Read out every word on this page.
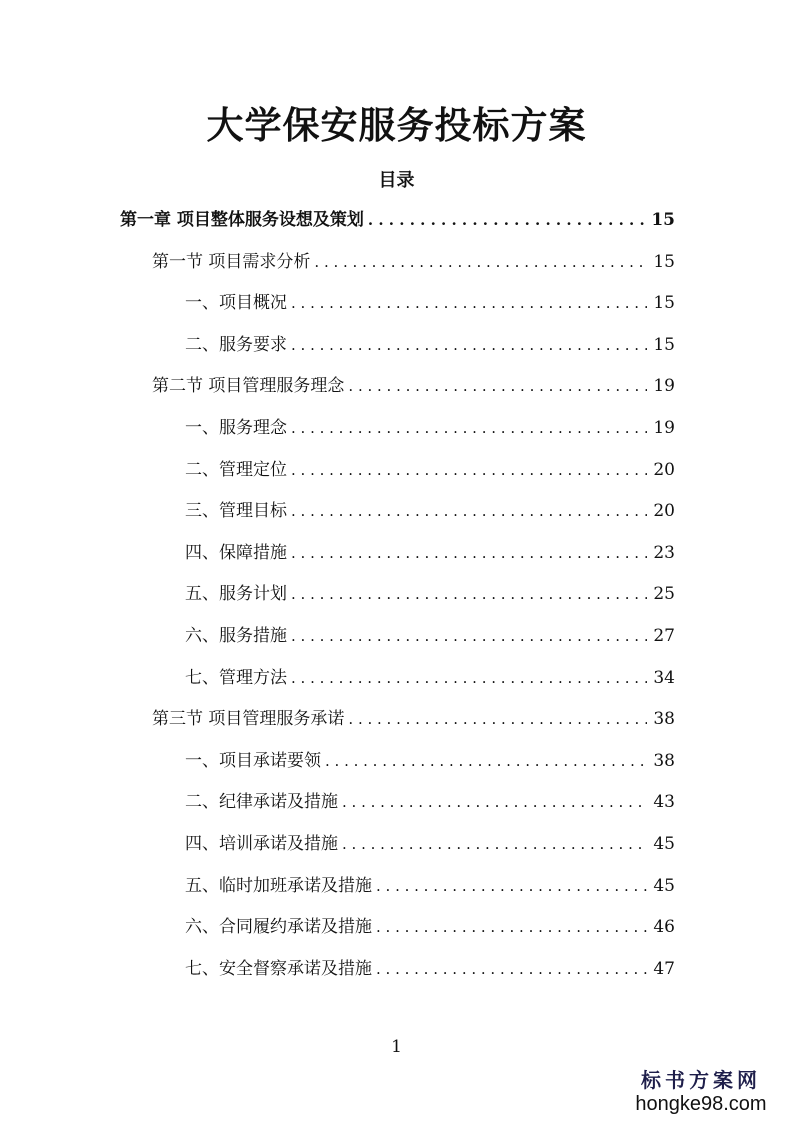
大学保安服务投标方案
目录
第一章 项目整体服务设想及策划 . . .	15
第一节 项目需求分析 . . .	15
一、项目概况 . . .	15
二、服务要求 . . .	15
第二节 项目管理服务理念 . . .	19
一、服务理念 . . .	19
二、管理定位 . . .	20
三、管理目标 . . .	20
四、保障措施 . . .	23
五、服务计划 . . .	25
六、服务措施 . . .	27
七、管理方法 . . .	34
第三节 项目管理服务承诺 . . .	38
一、项目承诺要领 . . .	38
二、纪律承诺及措施 . . .	43
四、培训承诺及措施 . . .	45
五、临时加班承诺及措施 . . .	45
六、合同履约承诺及措施 . . .	46
七、安全督察承诺及措施 . . .	47
1
标书方案网
hongke98.com
